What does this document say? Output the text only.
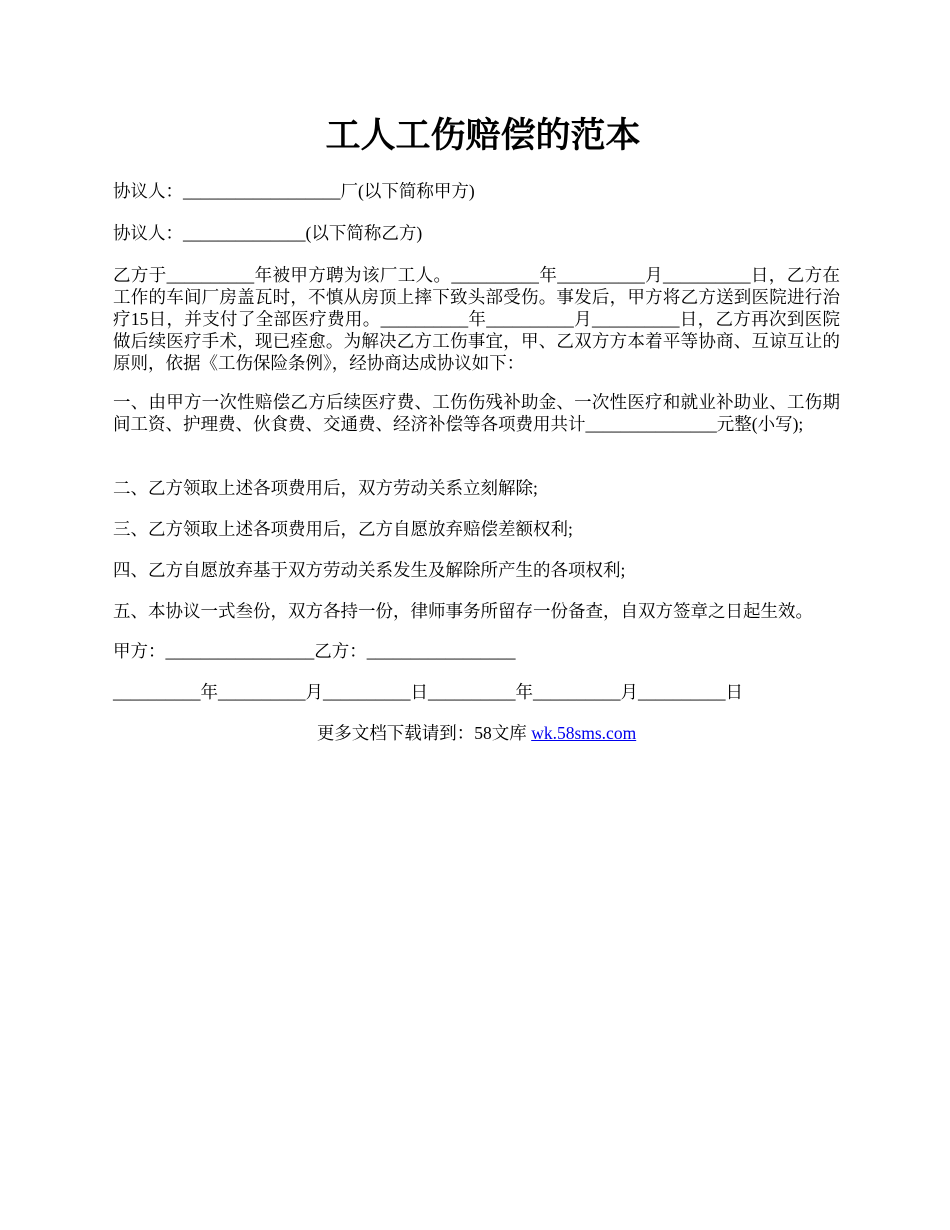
工人工伤赔偿的范本

协议人：__________________厂(以下简称甲方)

协议人：______________(以下简称乙方)

乙方于__________年被甲方聘为该厂工人。__________年__________月__________日，乙方在工作的车间厂房盖瓦时，不慎从房顶上摔下致头部受伤。事发后，甲方将乙方送到医院进行治疗15日，并支付了全部医疗费用。__________年__________月__________日，乙方再次到医院做后续医疗手术，现已痊愈。为解决乙方工伤事宜，甲、乙双方方本着平等协商、互谅互让的原则，依据《工伤保险条例》，经协商达成协议如下：

一、由甲方一次性赔偿乙方后续医疗费、工伤伤残补助金、一次性医疗和就业补助业、工伤期间工资、护理费、伙食费、交通费、经济补偿等各项费用共计_______________元整(小写);

二、乙方领取上述各项费用后，双方劳动关系立刻解除;

三、乙方领取上述各项费用后，乙方自愿放弃赔偿差额权利;

四、乙方自愿放弃基于双方劳动关系发生及解除所产生的各项权利;

五、本协议一式叁份，双方各持一份，律师事务所留存一份备查，自双方签章之日起生效。

甲方：_________________乙方：_________________

__________年__________月__________日__________年__________月__________日

更多文档下载请到：58文库 wk.58sms.com
